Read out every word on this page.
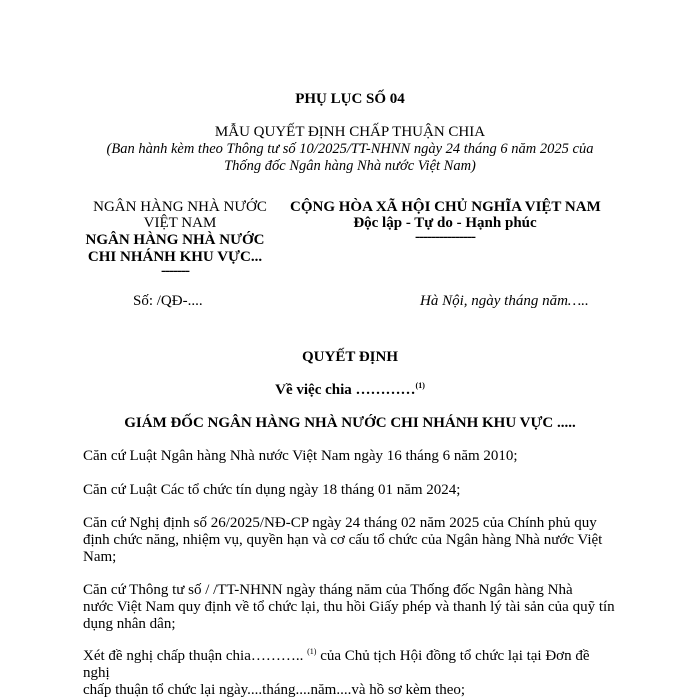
PHỤ LỤC SỐ 04
MẪU QUYẾT ĐỊNH CHẤP THUẬN CHIA
(Ban hành kèm theo Thông tư số 10/2025/TT-NHNN ngày 24 tháng 6 năm 2025 của
Thống đốc Ngân hàng Nhà nước Việt Nam)
NGÂN HÀNG NHÀ NƯỚC
VIỆT NAM
NGÂN HÀNG NHÀ NƯỚC
CHI NHÁNH KHU VỰC...
-------
CỘNG HÒA XÃ HỘI CHỦ NGHĨA VIỆT NAM
Độc lập - Tự do - Hạnh phúc
---------------
Số: /QĐ-....	Hà Nội, ngày tháng năm…..
QUYẾT ĐỊNH
Về việc chia …………$^{(1)}$
GIÁM ĐỐC NGÂN HÀNG NHÀ NƯỚC CHI NHÁNH KHU VỰC .....
Căn cứ Luật Ngân hàng Nhà nước Việt Nam ngày 16 tháng 6 năm 2010;
Căn cứ Luật Các tổ chức tín dụng ngày 18 tháng 01 năm 2024;
Căn cứ Nghị định số 26/2025/NĐ-CP ngày 24 tháng 02 năm 2025 của Chính phủ quy
định chức năng, nhiệm vụ, quyền hạn và cơ cấu tổ chức của Ngân hàng Nhà nước Việt
Nam;
Căn cứ Thông tư số / /TT-NHNN ngày tháng năm của Thống đốc Ngân hàng Nhà
nước Việt Nam quy định về tổ chức lại, thu hồi Giấy phép và thanh lý tài sản của quỹ tín
dụng nhân dân;
Xét đề nghị chấp thuận chia……….. $^{(1)}$ của Chủ tịch Hội đồng tổ chức lại tại Đơn đề nghị
chấp thuận tổ chức lại ngày....tháng....năm....và hồ sơ kèm theo;
